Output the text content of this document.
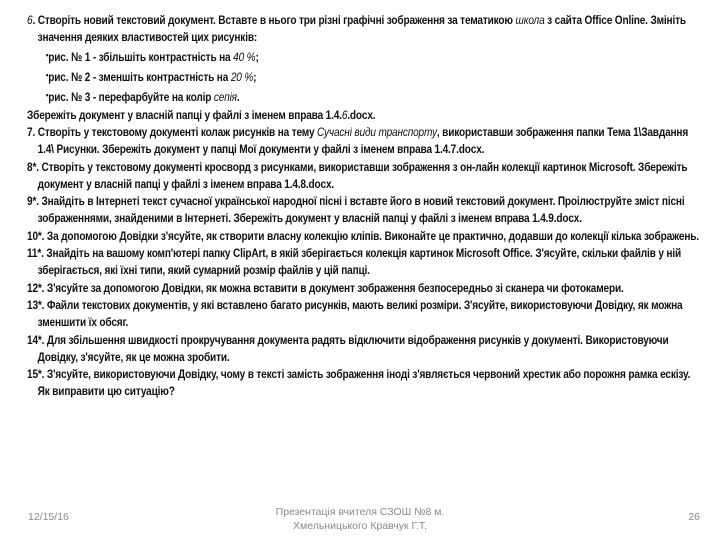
6. Створіть новий текстовий документ. Вставте в нього три різні графічні зображення за тематикою школа з сайта Office Online. Змініть значення деяких властивостей цих рисунків:

•рис. № 1 - збільшіть контрастність на 40 %;

•рис. № 2 - зменшіть контрастність на 20 %;

•рис. № 3 - перефарбуйте на колір сепія.

Збережіть документ у власній папці у файлі з іменем вправа 1.4.6.docx.

7. Створіть у текстовому документі колаж рисунків на тему Сучасні види транспорту, використавши зображення папки Тема 1\Завдання 1.4\ Рисунки. Збережіть документ у папці Мої документи у файлі з іменем вправа 1.4.7.docx.

8*. Створіть у текстовому документі кросворд з рисунками, використавши зображення з он-лайн колекції картинок Microsoft. Збережіть документ у власній папці у файлі з іменем вправа 1.4.8.docx.

9*. Знайдіть в Інтернеті текст сучасної української народної пісні і вставте його в новий текстовий документ. Проілюструйте зміст пісні зображеннями, знайденими в Інтернеті. Збережіть документ у власній папці у файлі з іменем вправа 1.4.9.docx.

10*. За допомогою Довідки з'ясуйте, як створити власну колекцію кліпів. Виконайте це практично, додавши до колекції кілька зображень.

11*. Знайдіть на вашому комп'ютері папку ClipArt, в якій зберігається колекція картинок Microsoft Office. З'ясуйте, скільки файлів у ній зберігається, які їхні типи, який сумарний розмір файлів у цій папці.

12*. З'ясуйте за допомогою Довідки, як можна вставити в документ зображення безпосередньо зі сканера чи фотокамери.

13*. Файли текстових документів, у які вставлено багато рисунків, мають великі розміри. З'ясуйте, використовуючи Довідку, як можна зменшити їх обсяг.

14*. Для збільшення швидкості прокручування документа радять відключити відображення рисунків у документі. Використовуючи Довідку, з'ясуйте, як це можна зробити.

15*. З'ясуйте, використовуючи Довідку, чому в тексті замість зображення іноді з'являється червоний хрестик або порожня рамка ескізу. Як виправити цю ситуацію?

12/15/16	Презентація вчителя СЗОШ №8 м.
Хмельницького Кравчук Г.Т.
26
